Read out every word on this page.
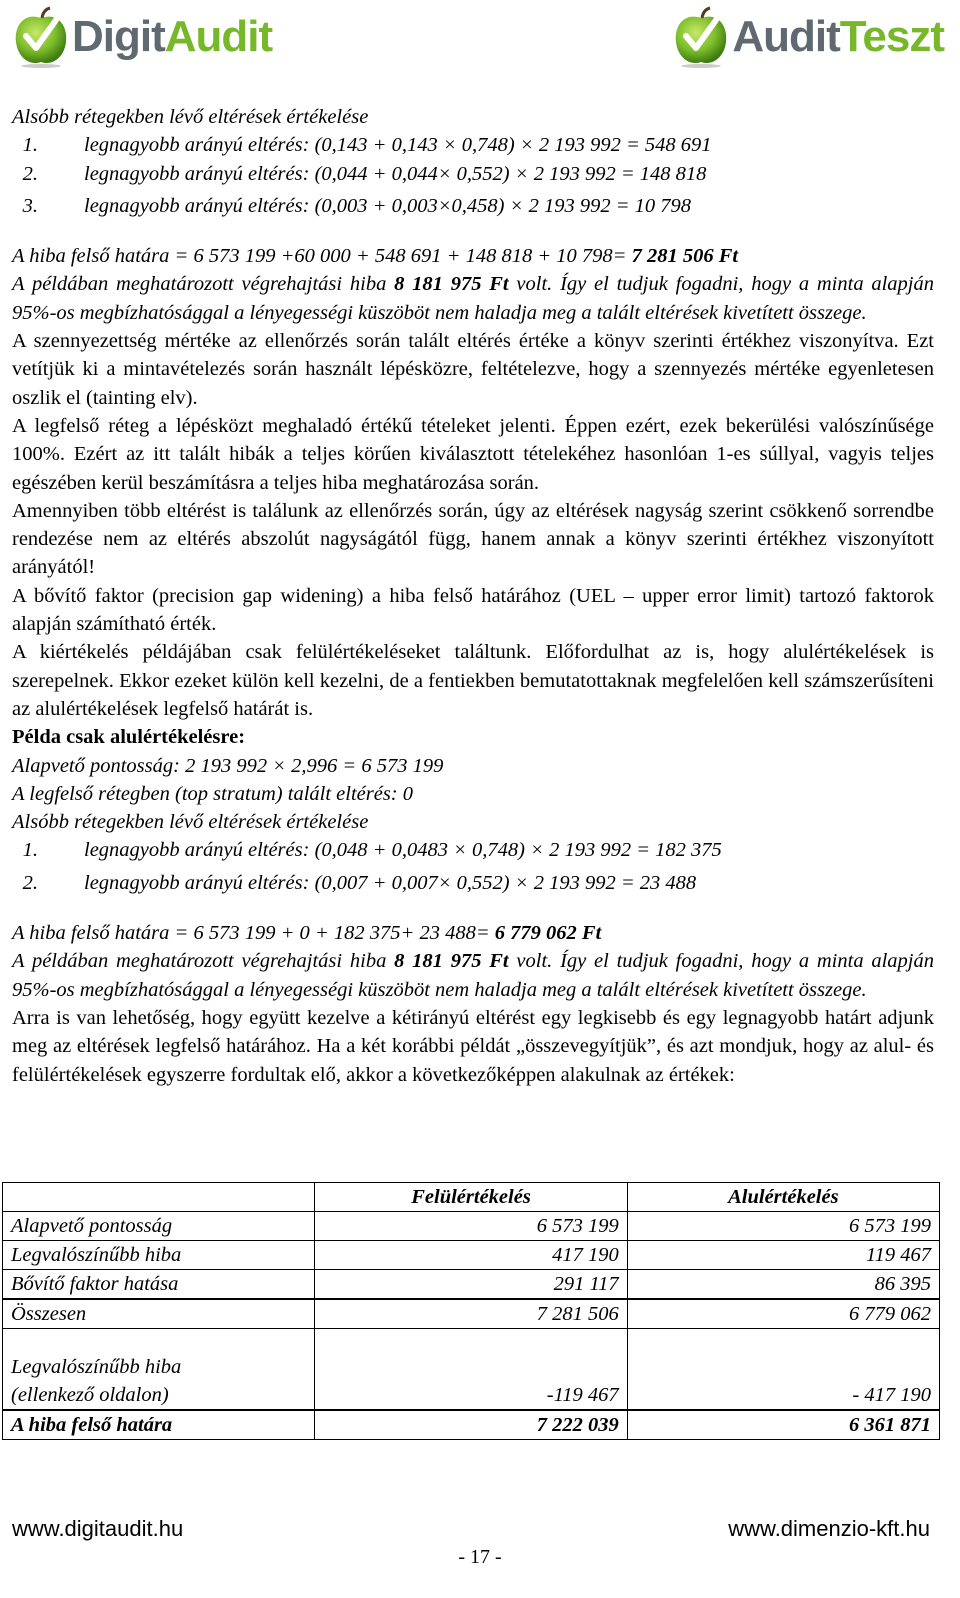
DigitAudit	AuditTeszt

Alsóbb rétegekben lévő eltérések értékelése

1.	legnagyobb arányú eltérés: (0,143 + 0,143 × 0,748) × 2 193 992 = 548 691
2.	legnagyobb arányú eltérés: (0,044 + 0,044× 0,552) × 2 193 992 = 148 818
3.	legnagyobb arányú eltérés: (0,003 + 0,003×0,458) × 2 193 992 = 10 798

A hiba felső határa = 6 573 199 +60 000 + 548 691 + 148 818 + 10 798= 7 281 506 Ft

A példában meghatározott végrehajtási hiba 8 181 975 Ft volt. Így el tudjuk fogadni, hogy a minta alapján 95%-os megbízhatósággal a lényegességi küszöböt nem haladja meg a talált eltérések kivetített összege.

A szennyezettség mértéke az ellenőrzés során talált eltérés értéke a könyv szerinti értékhez viszonyítva. Ezt vetítjük ki a mintavételezés során használt lépésközre, feltételezve, hogy a szennyezés mértéke egyenletesen oszlik el (tainting elv).

A legfelső réteg a lépésközt meghaladó értékű tételeket jelenti. Éppen ezért, ezek bekerülési valószínűsége 100%. Ezért az itt talált hibák a teljes körűen kiválasztott tételekéhez hasonlóan 1-es súllyal, vagyis teljes egészében kerül beszámításra a teljes hiba meghatározása során.

Amennyiben több eltérést is találunk az ellenőrzés során, úgy az eltérések nagyság szerint csökkenő sorrendbe rendezése nem az eltérés abszolút nagyságától függ, hanem annak a könyv szerinti értékhez viszonyított arányától!

A bővítő faktor (precision gap widening) a hiba felső határához (UEL – upper error limit) tartozó faktorok alapján számítható érték.

A kiértékelés példájában csak felülértékeléseket találtunk. Előfordulhat az is, hogy alulértékelések is szerepelnek. Ekkor ezeket külön kell kezelni, de a fentiekben bemutatottaknak megfelelően kell számszerűsíteni az alulértékelések legfelső határát is.

Példa csak alulértékelésre:

Alapvető pontosság: 2 193 992 × 2,996 = 6 573 199

A legfelső rétegben (top stratum) talált eltérés: 0

Alsóbb rétegekben lévő eltérések értékelése

1.	legnagyobb arányú eltérés: (0,048 + 0,0483 × 0,748) × 2 193 992 = 182 375
2.	legnagyobb arányú eltérés: (0,007 + 0,007× 0,552) × 2 193 992 = 23 488

A hiba felső határa = 6 573 199 + 0 + 182 375+ 23 488= 6 779 062 Ft

A példában meghatározott végrehajtási hiba 8 181 975 Ft volt. Így el tudjuk fogadni, hogy a minta alapján 95%-os megbízhatósággal a lényegességi küszöböt nem haladja meg a talált eltérések kivetített összege.

Arra is van lehetőség, hogy együtt kezelve a kétirányú eltérést egy legkisebb és egy legnagyobb határt adjunk meg az eltérések legfelső határához. Ha a két korábbi példát „összevegyítjük”, és azt mondjuk, hogy az alul- és felülértékelések egyszerre fordultak elő, akkor a következőképpen alakulnak az értékek:

	Felülértékelés	Alulértékelés
Alapvető pontosság	6 573 199	6 573 199
Legvalószínűbb hiba	417 190	119 467
Bővítő faktor hatása	291 117	86 395
Összesen	7 281 506	6 779 062
Legvalószínűbb hiba
(ellenkező oldalon)	-119 467	- 417 190
A hiba felső határa	7 222 039	6 361 871
www.digitaudit.hu	www.dimenzio-kft.hu
- 17 -
